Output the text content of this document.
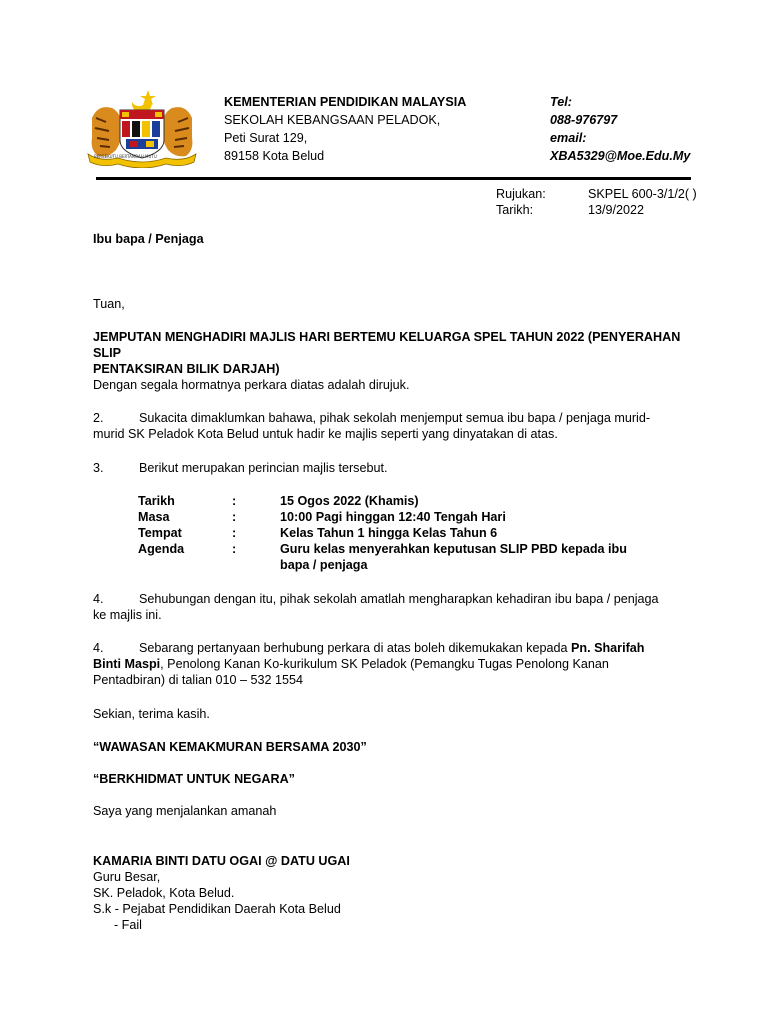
BERSEKUTU BERTAMBAH MUTU
KEMENTERIAN PENDIDIKAN MALAYSIA
SEKOLAH KEBANGSAAN PELADOK,
Peti Surat 129,
89158 Kota Belud
Tel:
088-976797
email:
XBA5329@Moe.Edu.My
Rujukan:	SKPEL 600-3/1/2( )
Tarikh:	13/9/2022
Ibu bapa / Penjaga
Tuan,
JEMPUTAN MENGHADIRI MAJLIS HARI BERTEMU KELUARGA SPEL TAHUN 2022 (PENYERAHAN SLIP
PENTAKSIRAN BILIK DARJAH)
Dengan segala hormatnya perkara diatas adalah dirujuk.
2.	Sukacita dimaklumkan bahawa, pihak sekolah menjemput semua ibu bapa / penjaga murid-
murid SK Peladok Kota Belud untuk hadir ke majlis seperti yang dinyatakan di atas.
3.	Berikut merupakan perincian majlis tersebut.
Tarikh	:	15 Ogos 2022 (Khamis)
Masa	:	10:00 Pagi hinggan 12:40 Tengah Hari
Tempat	:	Kelas Tahun 1 hingga Kelas Tahun 6
Agenda	:	Guru kelas menyerahkan keputusan SLIP PBD kepada ibu bapa / penjaga
4.	Sehubungan dengan itu, pihak sekolah amatlah mengharapkan kehadiran ibu bapa / penjaga
ke majlis ini.
4.	Sebarang pertanyaan berhubung perkara di atas boleh dikemukakan kepada Pn. Sharifah
Binti Maspi, Penolong Kanan Ko-kurikulum SK Peladok (Pemangku Tugas Penolong Kanan
Pentadbiran) di talian 010 – 532 1554
Sekian, terima kasih.
“WAWASAN KEMAKMURAN BERSAMA 2030”
“BERKHIDMAT UNTUK NEGARA”
Saya yang menjalankan amanah
KAMARIA BINTI DATU OGAI @ DATU UGAI
Guru Besar,
SK. Peladok, Kota Belud.
S.k - Pejabat Pendidikan Daerah Kota Belud
- Fail
